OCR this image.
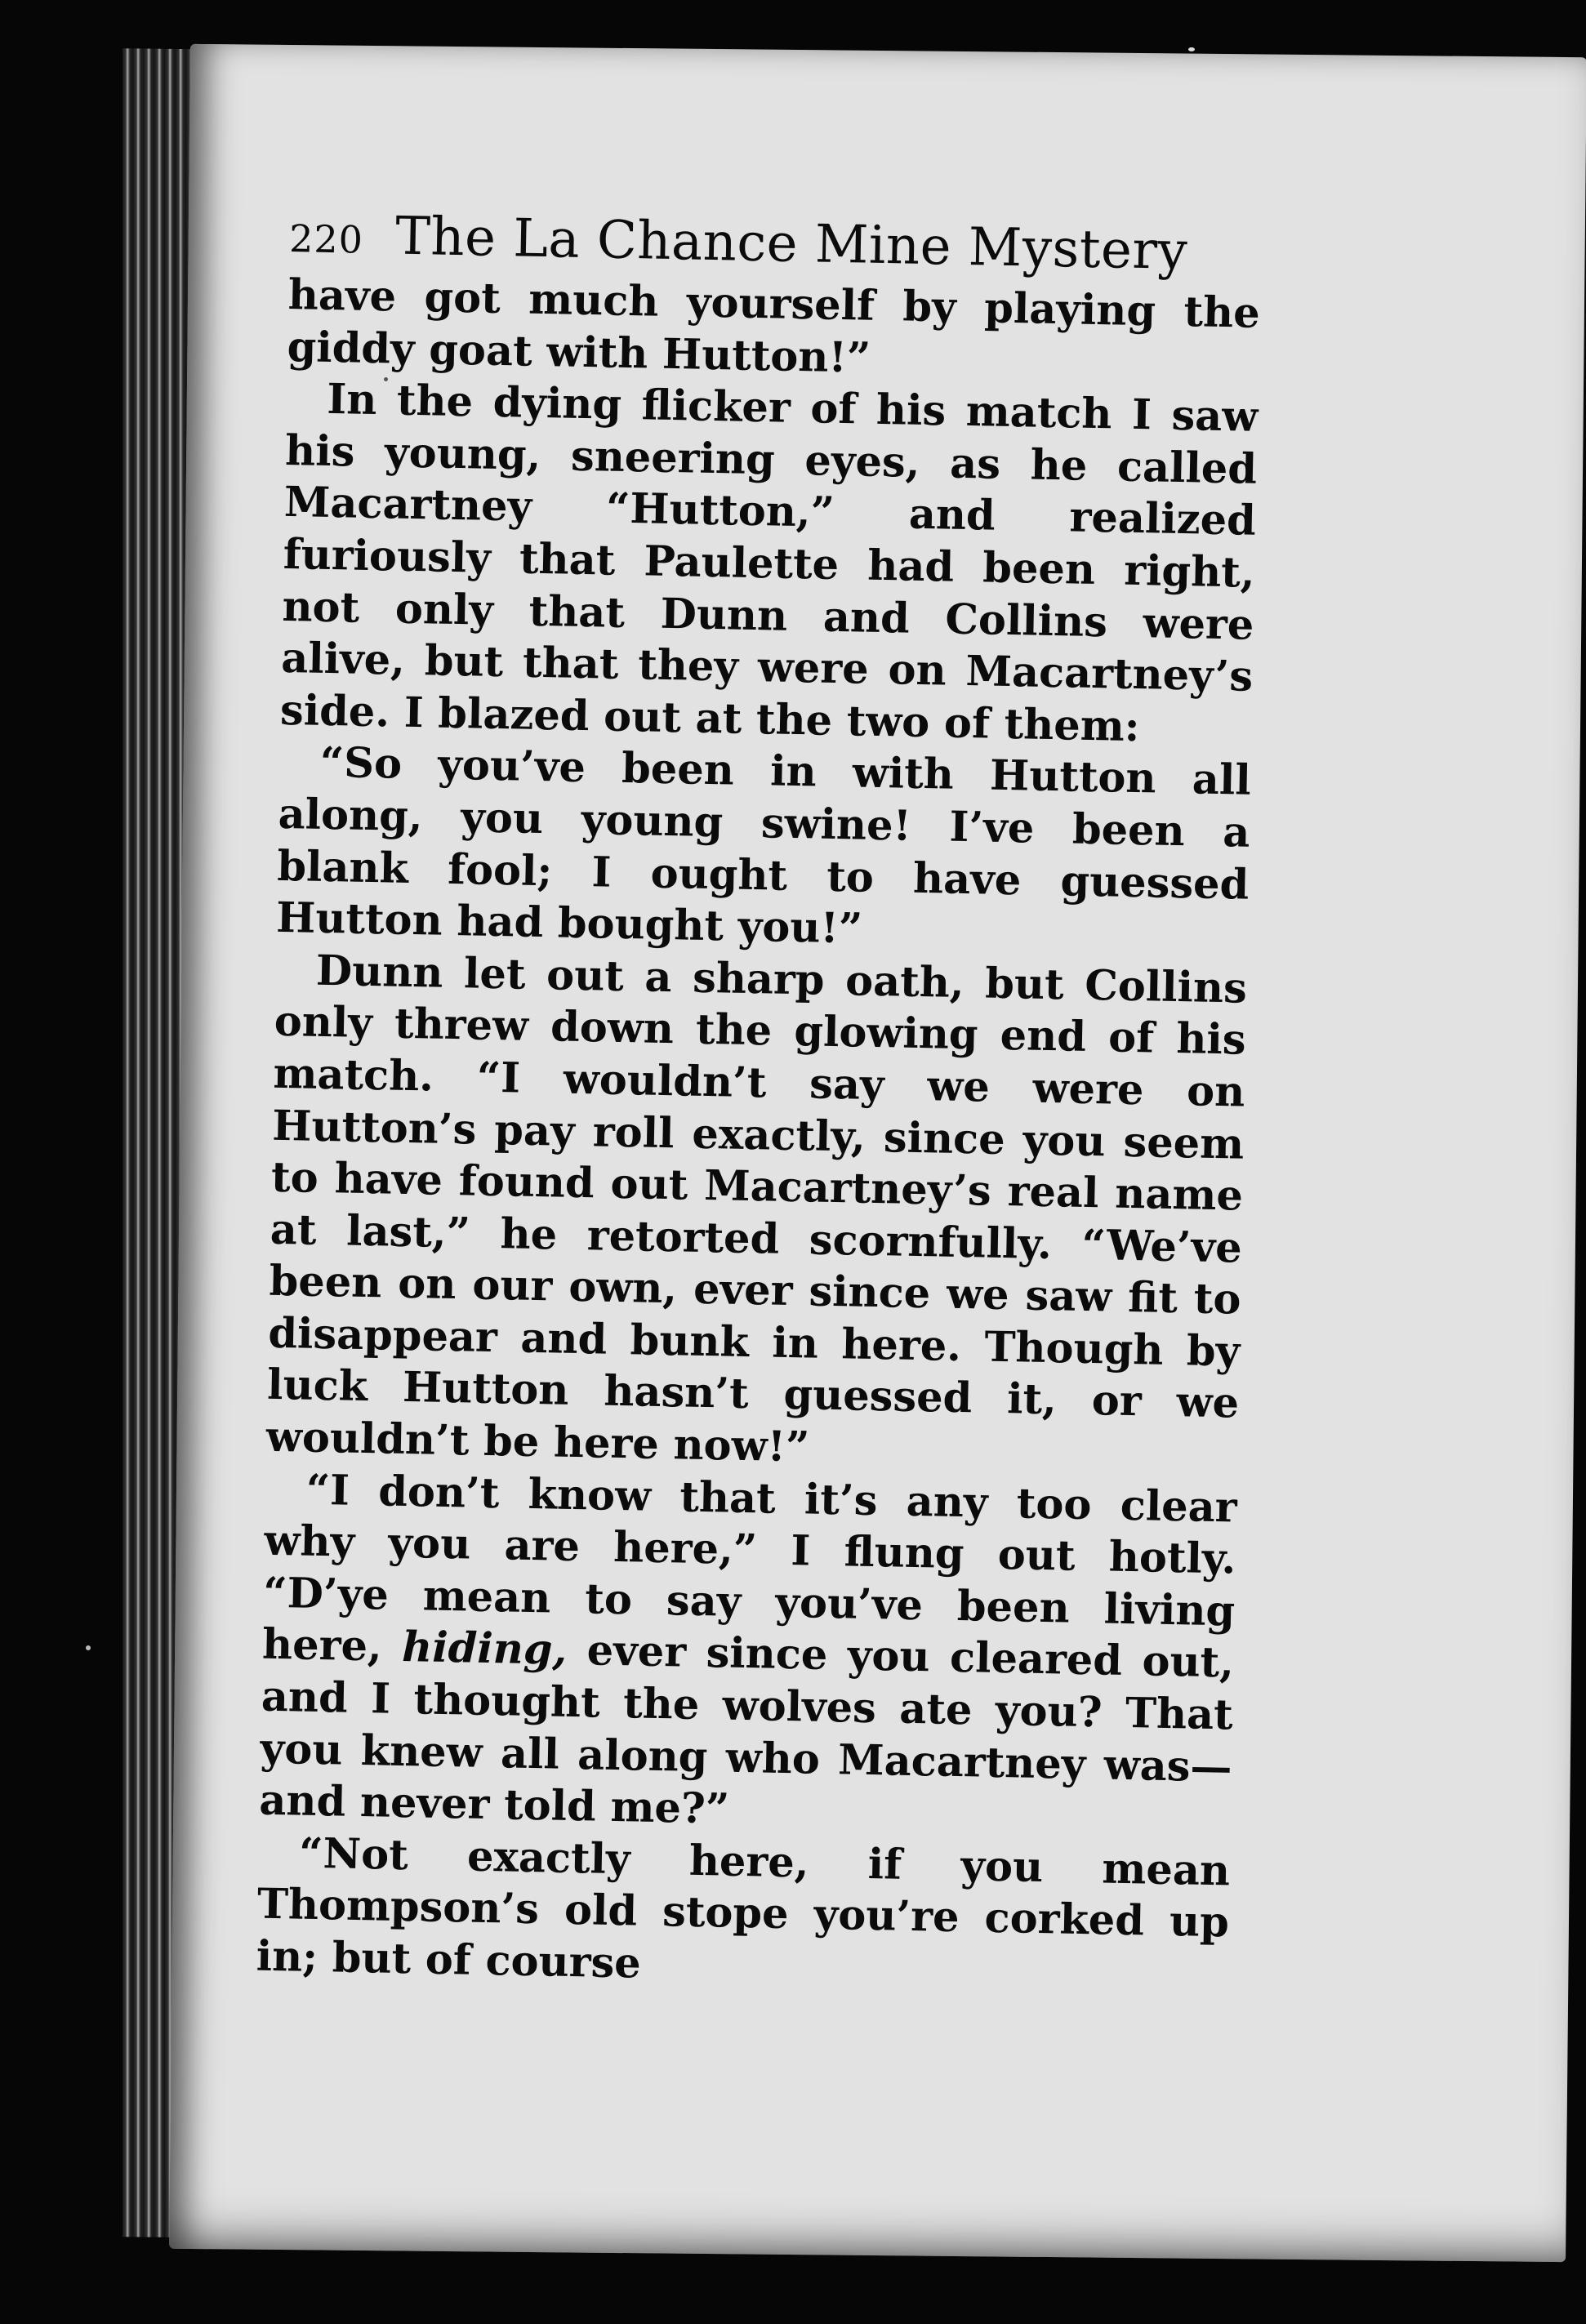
220 The La Chance Mine Mystery

have got much yourself by playing the giddy goat with Hutton!”

In the dying flicker of his match I saw his young, sneering eyes, as he called Macartney “Hutton,” and realized furiously that Paulette had been right, not only that Dunn and Collins were alive, but that they were on Macartney’s side. I blazed out at the two of them:

“So you’ve been in with Hutton all along, you young swine! I’ve been a blank fool; I ought to have guessed Hutton had bought you!”

Dunn let out a sharp oath, but Collins only threw down the glowing end of his match. “I wouldn’t say we were on Hutton’s pay roll exactly, since you seem to have found out Macartney’s real name at last,” he retorted scornfully. “We’ve been on our own, ever since we saw fit to disappear and bunk in here. Though by luck Hutton hasn’t guessed it, or we wouldn’t be here now!”

“I don’t know that it’s any too clear why you are here,” I flung out hotly. “D’ye mean to say you’ve been living here, hiding, ever since you cleared out, and I thought the wolves ate you? That you knew all along who Macartney was—and never told me?”

“Not exactly here, if you mean Thompson’s old stope you’re corked up in; but of course
